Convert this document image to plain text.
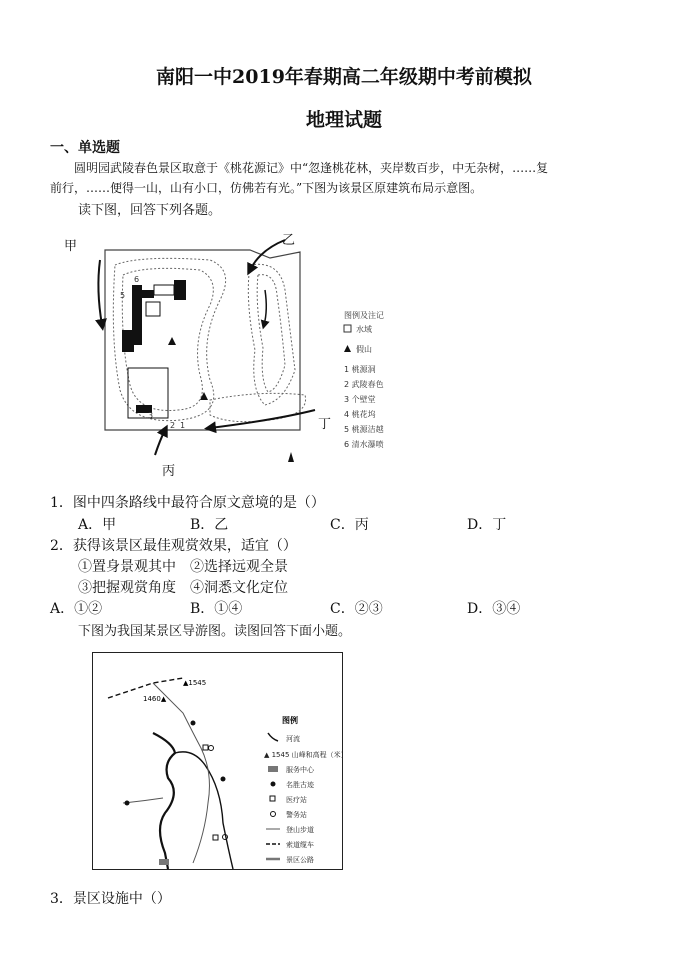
南阳一中2019年春期高二年级期中考前模拟
地理试题
一、单选题
　　圆明园武陵春色景区取意于《桃花源记》中“忽逢桃花林，夹岸数百步，中无杂树，……复
前行，……便得一山，山有小口，仿佛若有光。”下图为该景区原建筑布局示意图。
读下图，回答下列各题。
甲	乙
丙
丁
6
5
3
2 1
图例及注记
水域
假山
1 桃源洞
2 武陵春色
3 个壁堂
4 桃花坞
5 桃源洁越
6 清水瀑喷
1．图中四条路线中最符合原文意境的是（）
A．甲	B．乙	C．丙	D．丁
2．获得该景区最佳观赏效果，适宜（）
①置身景观其中 ②选择远观全景
③把握观赏角度 ④洞悉文化定位
A．①②	B．①④	C．②③	D．③④
下图为我国某景区导游图。读图回答下面小题。
▲1545
1460▲
图例
河流
▲ 1545 山峰和高程（米）
服务中心
名胜古迹
医疗站
警务站
登山步道
索道缆车
景区公路
3．景区设施中（）
